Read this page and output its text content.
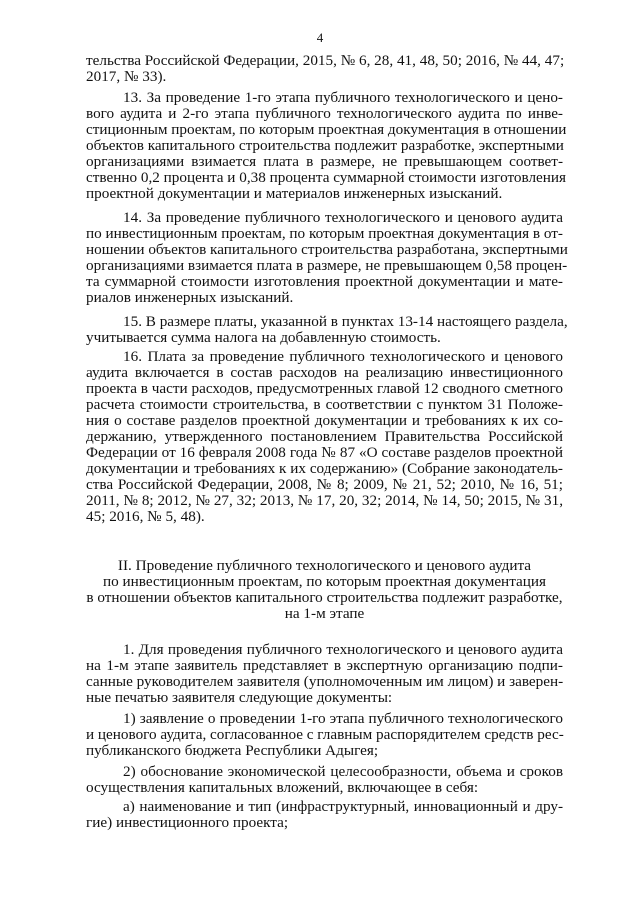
4
тельства Российской Федерации, 2015, № 6, 28, 41, 48, 50; 2016, № 44, 47;
2017, № 33).
13. За проведение 1-го этапа публичного технологического и цено-
вого аудита и 2-го этапа публичного технологического аудита по инве-
стиционным проектам, по которым проектная документация в отношении
объектов капитального строительства подлежит разработке, экспертными
организациями взимается плата в размере, не превышающем соответ-
ственно 0,2 процента и 0,38 процента суммарной стоимости изготовления
проектной документации и материалов инженерных изысканий.
14. За проведение публичного технологического и ценового аудита
по инвестиционным проектам, по которым проектная документация в от-
ношении объектов капитального строительства разработана, экспертными
организациями взимается плата в размере, не превышающем 0,58 процен-
та суммарной стоимости изготовления проектной документации и мате-
риалов инженерных изысканий.
15. В размере платы, указанной в пунктах 13-14 настоящего раздела,
учитывается сумма налога на добавленную стоимость.
16. Плата за проведение публичного технологического и ценового
аудита включается в состав расходов на реализацию инвестиционного
проекта в части расходов, предусмотренных главой 12 сводного сметного
расчета стоимости строительства, в соответствии с пунктом 31 Положе-
ния о составе разделов проектной документации и требованиях к их со-
держанию, утвержденного постановлением Правительства Российской
Федерации от 16 февраля 2008 года № 87 «О составе разделов проектной
документации и требованиях к их содержанию» (Собрание законодатель-
ства Российской Федерации, 2008, № 8; 2009, № 21, 52; 2010, № 16, 51;
2011, № 8; 2012, № 27, 32; 2013, № 17, 20, 32; 2014, № 14, 50; 2015, № 31,
45; 2016, № 5, 48).
II. Проведение публичного технологического и ценового аудита
по инвестиционным проектам, по которым проектная документация
в отношении объектов капитального строительства подлежит разработке,
на 1-м этапе
1. Для проведения публичного технологического и ценового аудита
на 1-м этапе заявитель представляет в экспертную организацию подпи-
санные руководителем заявителя (уполномоченным им лицом) и заверен-
ные печатью заявителя следующие документы:
1) заявление о проведении 1-го этапа публичного технологического
и ценового аудита, согласованное с главным распорядителем средств рес-
публиканского бюджета Республики Адыгея;
2) обоснование экономической целесообразности, объема и сроков
осуществления капитальных вложений, включающее в себя:
а) наименование и тип (инфраструктурный, инновационный и дру-
гие) инвестиционного проекта;
